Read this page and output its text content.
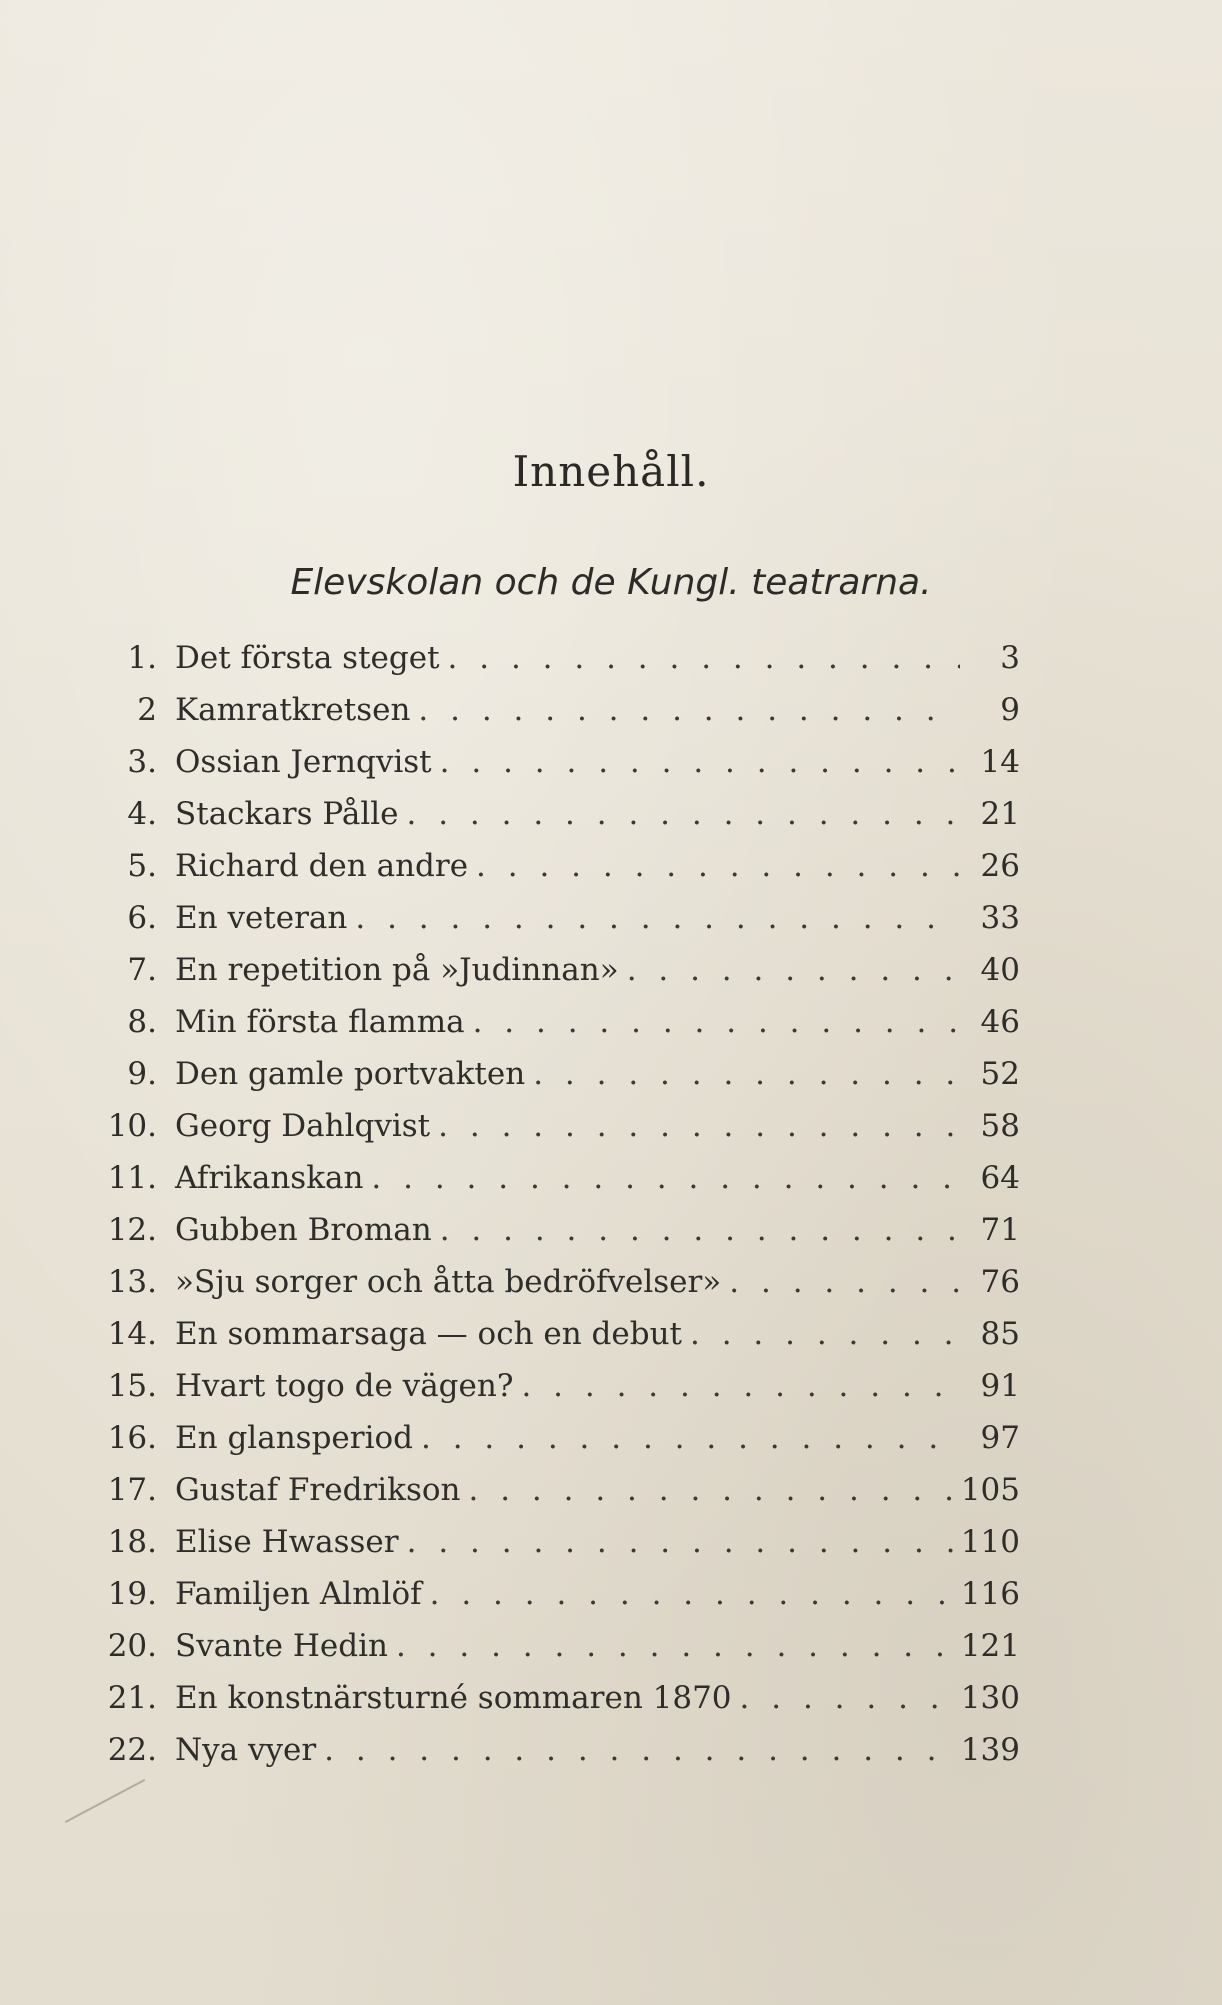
Innehåll.
Elevskolan och de Kungl. teatrarna.
1. Det första steget . . .	3
2 Kamratkretsen . . .	9
3. Ossian Jernqvist . . .	14
4. Stackars Pålle . . .	21
5. Richard den andre . . .	26
6. En veteran . . .	33
7. En repetition på »Judinnan» . . .	40
8. Min första flamma . . .	46
9. Den gamle portvakten . . .	52
10. Georg Dahlqvist . . .	58
11. Afrikanskan . . .	64
12. Gubben Broman . . .	71
13. »Sju sorger och åtta bedröfvelser» . . .	76
14. En sommarsaga — och en debut . . .	85
15. Hvart togo de vägen? . . .	91
16. En glansperiod . . .	97
17. Gustaf Fredrikson . . .	105
18. Elise Hwasser . . .	110
19. Familjen Almlöf . . .	116
20. Svante Hedin . . .	121
21. En konstnärsturné sommaren 1870 . . .	130
22. Nya vyer . . .	139
